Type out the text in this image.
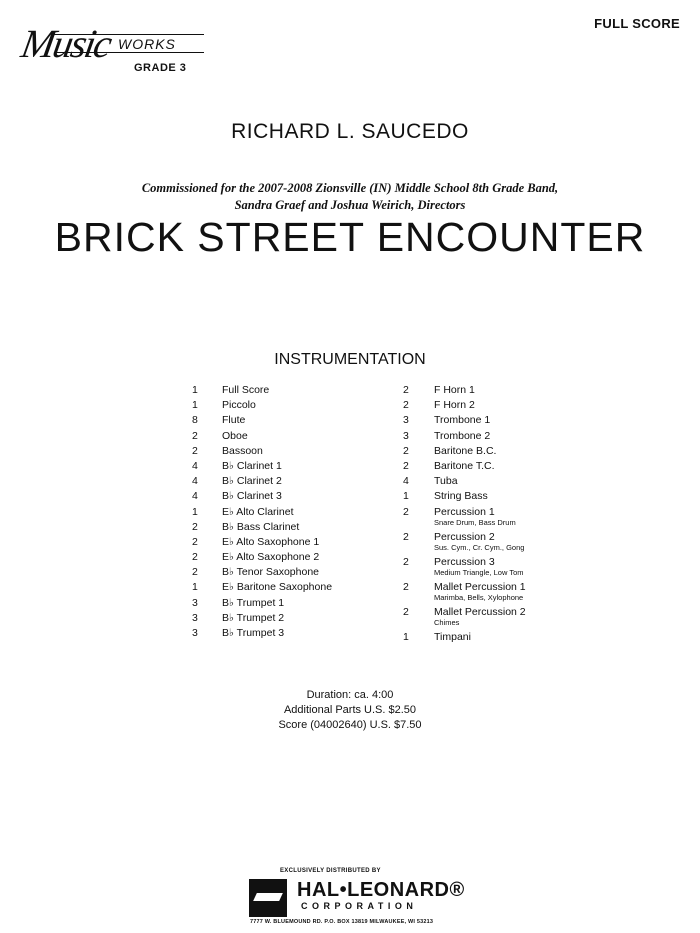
Music WORKS
GRADE 3
FULL SCORE
RICHARD L. SAUCEDO
Commissioned for the 2007-2008 Zionsville (IN) Middle School 8th Grade Band,
Sandra Graef and Joshua Weirich, Directors
BRICK STREET ENCOUNTER
INSTRUMENTATION
1	Full Score
1	Piccolo
8	Flute
2	Oboe
2	Bassoon
4	B♭ Clarinet 1
4	B♭ Clarinet 2
4	B♭ Clarinet 3
1	E♭ Alto Clarinet
2	B♭ Bass Clarinet
2	E♭ Alto Saxophone 1
2	E♭ Alto Saxophone 2
2	B♭ Tenor Saxophone
1	E♭ Baritone Saxophone
3	B♭ Trumpet 1
3	B♭ Trumpet 2
3	B♭ Trumpet 3
2	F Horn 1
2	F Horn 2
3	Trombone 1
3	Trombone 2
2	Baritone B.C.
2	Baritone T.C.
4	Tuba
1	String Bass
2	Percussion 1
Snare Drum, Bass Drum
2	Percussion 2
Sus. Cym., Cr. Cym., Gong
2	Percussion 3
Medium Triangle, Low Tom
2	Mallet Percussion 1
Marimba, Bells, Xylophone
2	Mallet Percussion 2
Chimes
1	Timpani
Duration: ca. 4:00
Additional Parts U.S. $2.50
Score (04002640) U.S. $7.50
EXCLUSIVELY DISTRIBUTED BY
HAL•LEONARD®
CORPORATION
7777 W. BLUEMOUND RD. P.O. BOX 13819 MILWAUKEE, WI 53213
